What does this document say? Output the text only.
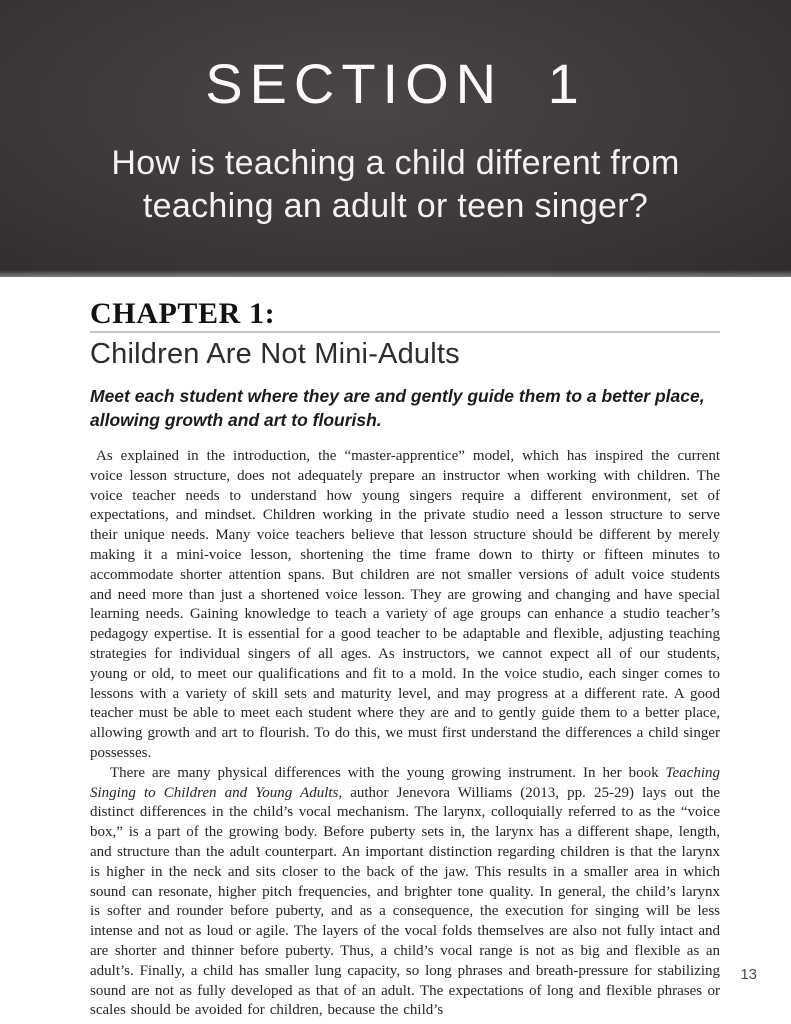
SECTION 1
How is teaching a child different from
teaching an adult or teen singer?
CHAPTER 1:
Children Are Not Mini-Adults

Meet each student where they are and gently guide them to a better place, allowing growth and art to flourish.

As explained in the introduction, the “master-apprentice” model, which has inspired the current voice lesson structure, does not adequately prepare an instructor when working with children. The voice teacher needs to understand how young singers require a different environment, set of expectations, and mindset. Children working in the private studio need a lesson structure to serve their unique needs. Many voice teachers believe that lesson structure should be different by merely making it a mini-voice lesson, shortening the time frame down to thirty or fifteen minutes to accommodate shorter attention spans. But children are not smaller versions of adult voice students and need more than just a shortened voice lesson. They are growing and changing and have special learning needs. Gaining knowledge to teach a variety of age groups can enhance a studio teacher’s pedagogy expertise. It is essential for a good teacher to be adaptable and flexible, adjusting teaching strategies for individual singers of all ages. As instructors, we cannot expect all of our students, young or old, to meet our qualifications and fit to a mold. In the voice studio, each singer comes to lessons with a variety of skill sets and maturity level, and may progress at a different rate. A good teacher must be able to meet each student where they are and to gently guide them to a better place, allowing growth and art to flourish. To do this, we must first understand the differences a child singer possesses.

There are many physical differences with the young growing instrument. In her book Teaching Singing to Children and Young Adults, author Jenevora Williams (2013, pp. 25-29) lays out the distinct differences in the child’s vocal mechanism. The larynx, colloquially referred to as the “voice box,” is a part of the growing body. Before puberty sets in, the larynx has a different shape, length, and structure than the adult counterpart. An important distinction regarding children is that the larynx is higher in the neck and sits closer to the back of the jaw. This results in a smaller area in which sound can resonate, higher pitch frequencies, and brighter tone quality. In general, the child’s larynx is softer and rounder before puberty, and as a consequence, the execution for singing will be less intense and not as loud or agile. The layers of the vocal folds themselves are also not fully intact and are shorter and thinner before puberty. Thus, a child’s vocal range is not as big and flexible as an adult’s. Finally, a child has smaller lung capacity, so long phrases and breath-pressure for stabilizing sound are not as fully developed as that of an adult. The expectations of long and flexible phrases or scales should be avoided for children, because the child’s

13
